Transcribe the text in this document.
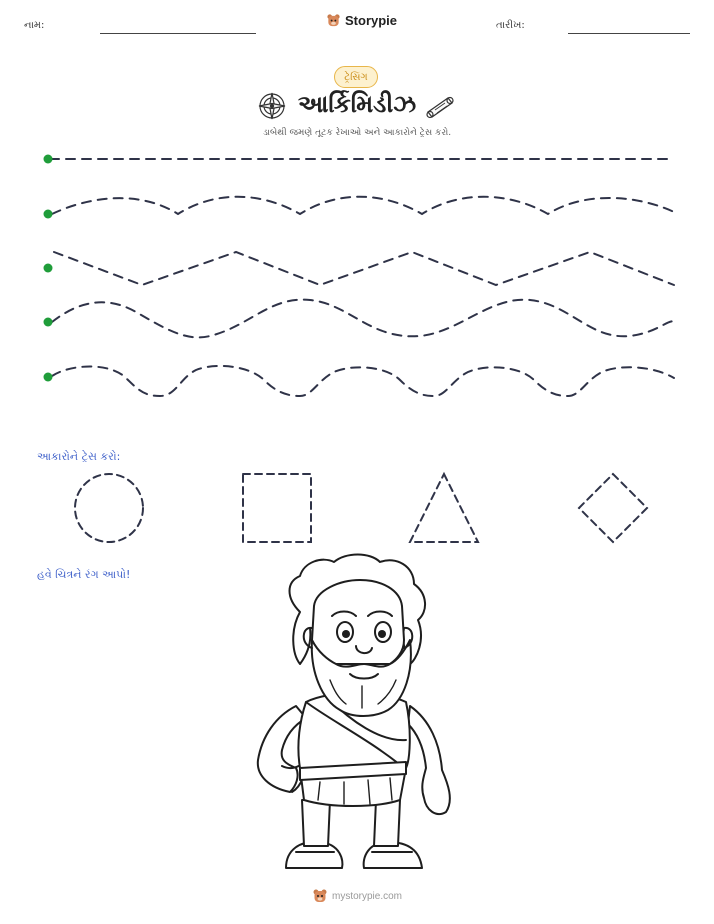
નામ:	Storypie	તારીખ:
ટ્રેસિંગ
આર્કિમિડીઝ
ડાબેથી જમણે તૂટક રેખાઓ અને આકારોને ટ્રેસ કરો.
આકારોને ટ્રેસ કરો:
હવે ચિત્રને રંગ આપો!
mystorypie.com
